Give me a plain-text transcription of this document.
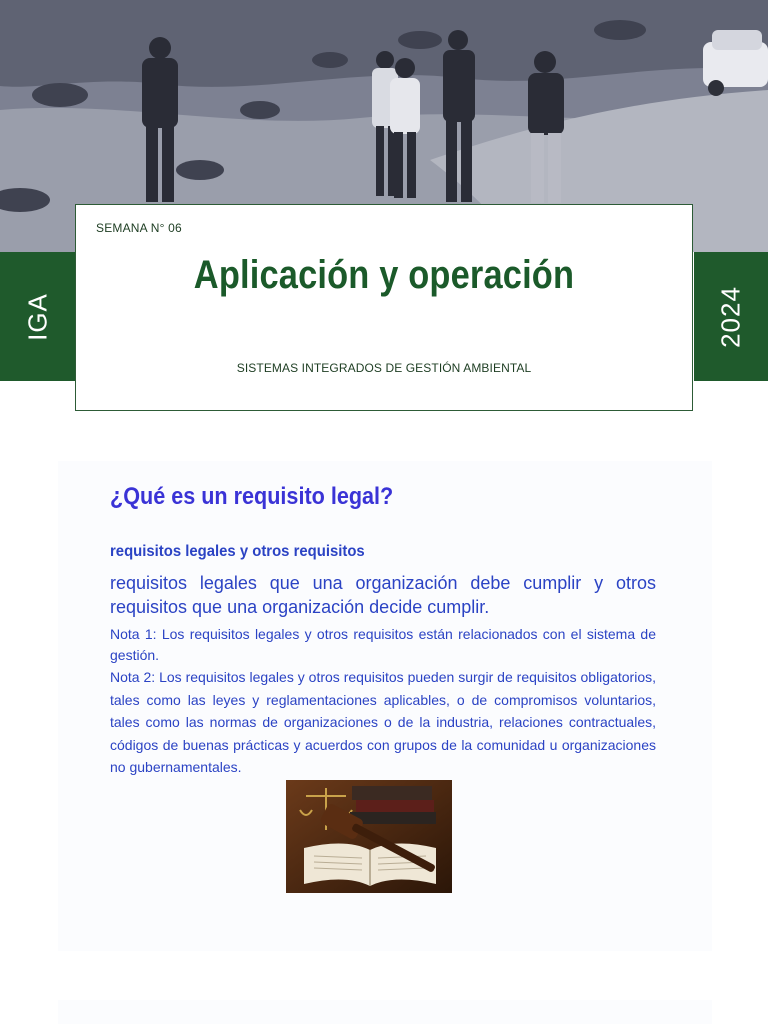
IGA	2024
SEMANA N° 06
Aplicación y operación
SISTEMAS INTEGRADOS DE GESTIÓN AMBIENTAL
¿Qué es un requisito legal?
requisitos legales y otros requisitos
requisitos legales que una organización debe cumplir y otros requisitos que una organización decide cumplir.
Nota 1: Los requisitos legales y otros requisitos están relacionados con el sistema de gestión.
Nota 2: Los requisitos legales y otros requisitos pueden surgir de requisitos obligatorios, tales como las leyes y reglamentaciones aplicables, o de compromisos voluntarios, tales como las normas de organizaciones o de la industria, relaciones contractuales, códigos de buenas prácticas y acuerdos con grupos de la comunidad u organizaciones no gubernamentales.
